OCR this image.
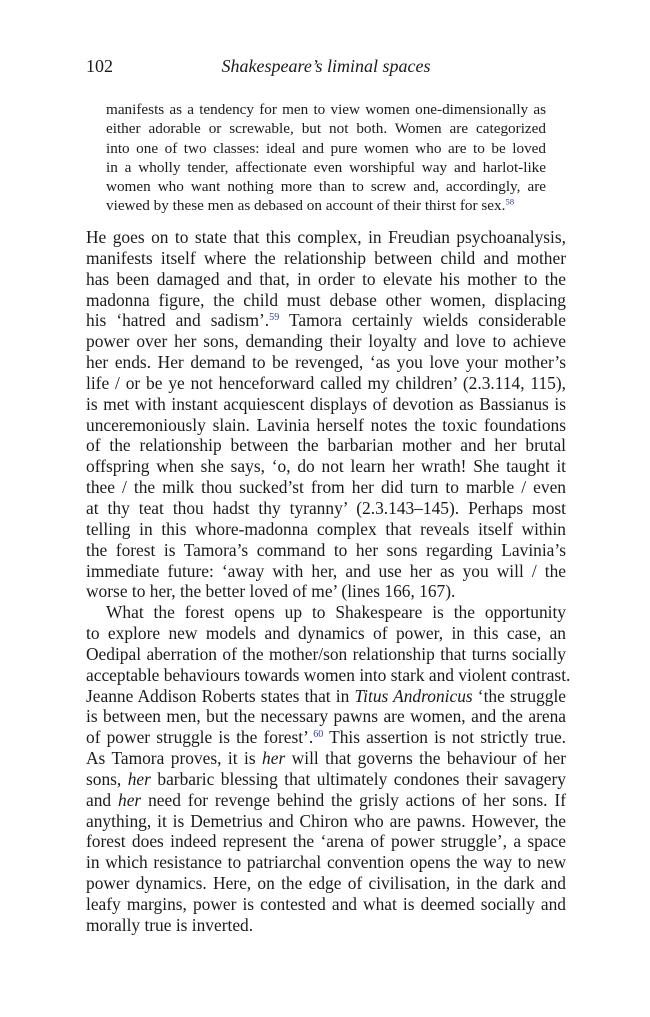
102	Shakespeare’s liminal spaces
manifests as a tendency for men to view women one-dimensionally as
either adorable or screwable, but not both. Women are categorized
into one of two classes: ideal and pure women who are to be loved
in a wholly tender, affectionate even worshipful way and harlot-like
women who want nothing more than to screw and, accordingly, are
viewed by these men as debased on account of their thirst for sex.$^{58}$
He goes on to state that this complex, in Freudian psychoanalysis,
manifests itself where the relationship between child and mother
has been damaged and that, in order to elevate his mother to the
madonna figure, the child must debase other women, displacing
his ‘hatred and sadism’.$^{59}$ Tamora certainly wields considerable
power over her sons, demanding their loyalty and love to achieve
her ends. Her demand to be revenged, ‘as you love your mother’s
life / or be ye not henceforward called my children’ (2.3.114, 115),
is met with instant acquiescent displays of devotion as Bassianus is
unceremoniously slain. Lavinia herself notes the toxic foundations
of the relationship between the barbarian mother and her brutal
offspring when she says, ‘o, do not learn her wrath! She taught it
thee / the milk thou sucked’st from her did turn to marble / even
at thy teat thou hadst thy tyranny’ (2.3.143–145). Perhaps most
telling in this whore-madonna complex that reveals itself within
the forest is Tamora’s command to her sons regarding Lavinia’s
immediate future: ‘away with her, and use her as you will / the
worse to her, the better loved of me’ (lines 166, 167).
What the forest opens up to Shakespeare is the opportunity
to explore new models and dynamics of power, in this case, an
Oedipal aberration of the mother/son relationship that turns socially
acceptable behaviours towards women into stark and violent contrast.
Jeanne Addison Roberts states that in Titus Andronicus ‘the struggle
is between men, but the necessary pawns are women, and the arena
of power struggle is the forest’.$^{60}$ This assertion is not strictly true.
As Tamora proves, it is her will that governs the behaviour of her
sons, her barbaric blessing that ultimately condones their savagery
and her need for revenge behind the grisly actions of her sons. If
anything, it is Demetrius and Chiron who are pawns. However, the
forest does indeed represent the ‘arena of power struggle’, a space
in which resistance to patriarchal convention opens the way to new
power dynamics. Here, on the edge of civilisation, in the dark and
leafy margins, power is contested and what is deemed socially and
morally true is inverted.
